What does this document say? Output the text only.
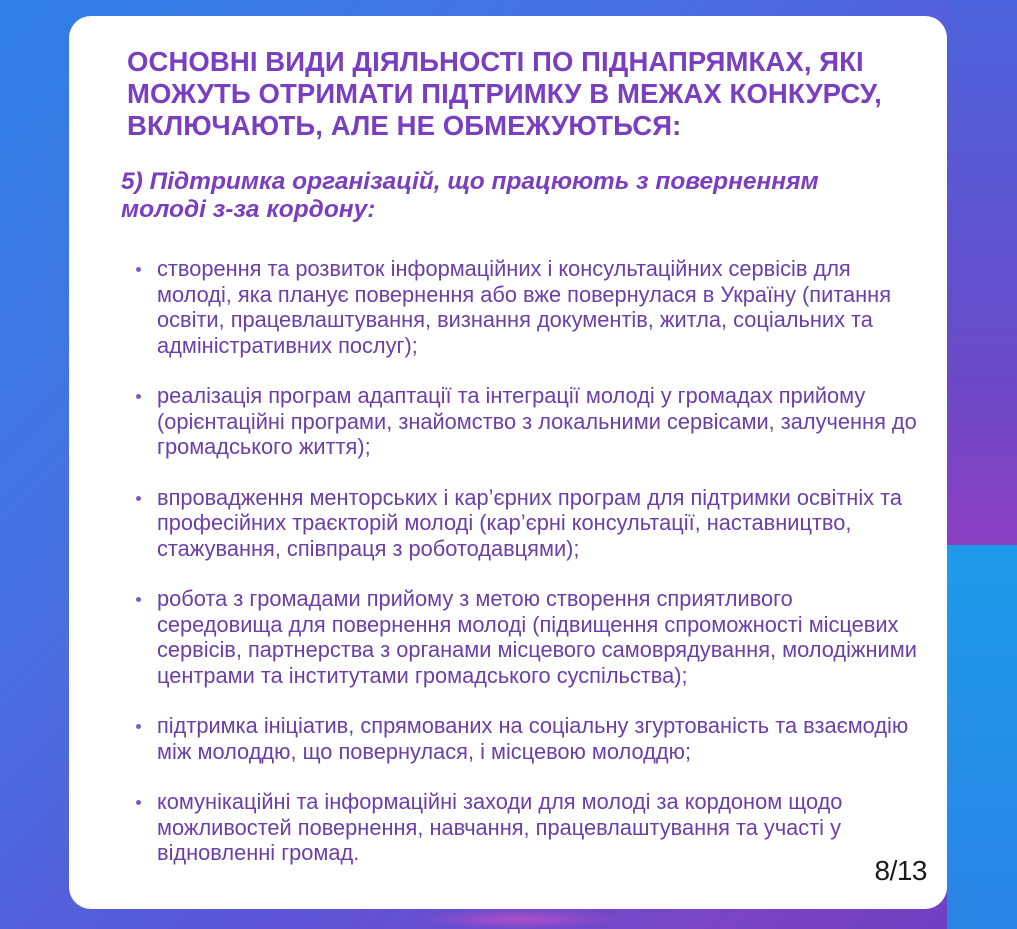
ОСНОВНІ ВИДИ ДІЯЛЬНОСТІ ПО ПІДНАПРЯМКАХ, ЯКІ МОЖУТЬ ОТРИМАТИ ПІДТРИМКУ В МЕЖАХ КОНКУРСУ, ВКЛЮЧАЮТЬ, АЛЕ НЕ ОБМЕЖУЮТЬСЯ:
5) Підтримка організацій, що працюють з поверненням молоді з-за кордону:
створення та розвиток інформаційних і консультаційних сервісів для молоді, яка планує повернення або вже повернулася в Україну (питання освіти, працевлаштування, визнання документів, житла, соціальних та адміністративних послуг);
реалізація програм адаптації та інтеграції молоді у громадах прийому (орієнтаційні програми, знайомство з локальними сервісами, залучення до громадського життя);
впровадження менторських і кар’єрних програм для підтримки освітніх та професійних траєкторій молоді (кар’єрні консультації, наставництво, стажування, співпраця з роботодавцями);
робота з громадами прийому з метою створення сприятливого середовища для повернення молоді (підвищення спроможності місцевих сервісів, партнерства з органами місцевого самоврядування, молодіжними центрами та інститутами громадського суспільства);
підтримка ініціатив, спрямованих на соціальну згуртованість та взаємодію між молоддю, що повернулася, і місцевою молоддю;
комунікаційні та інформаційні заходи для молоді за кордоном щодо можливостей повернення, навчання, працевлаштування та участі у відновленні громад.
8/13
